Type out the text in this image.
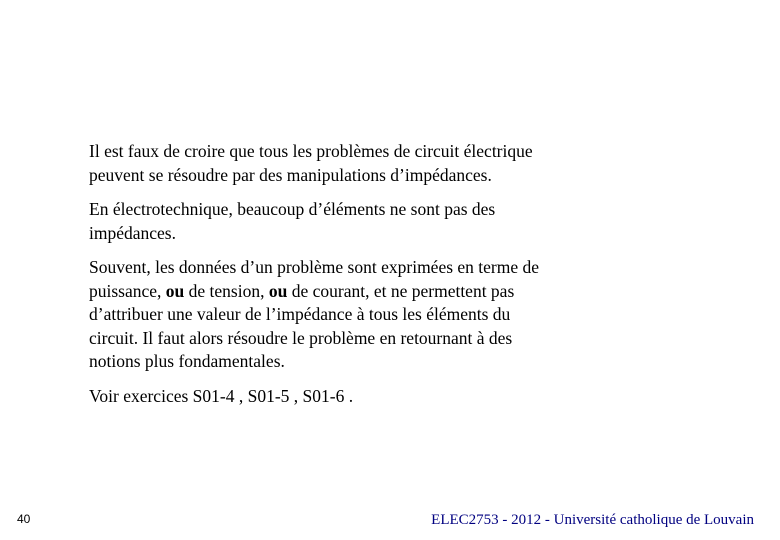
Il est faux de croire que tous les problèmes de circuit électrique
peuvent se résoudre par des manipulations d’impédances.
En électrotechnique, beaucoup d’éléments ne sont pas des
impédances.
Souvent, les données d’un problème sont exprimées en terme de
puissance, ou de tension, ou de courant, et ne permettent pas
d’attribuer une valeur de l’impédance à tous les éléments du
circuit. Il faut alors résoudre le problème en retournant à des
notions plus fondamentales.
Voir exercices S01-4 , S01-5 , S01-6 .
40	ELEC2753 - 2012 - Université catholique de Louvain
